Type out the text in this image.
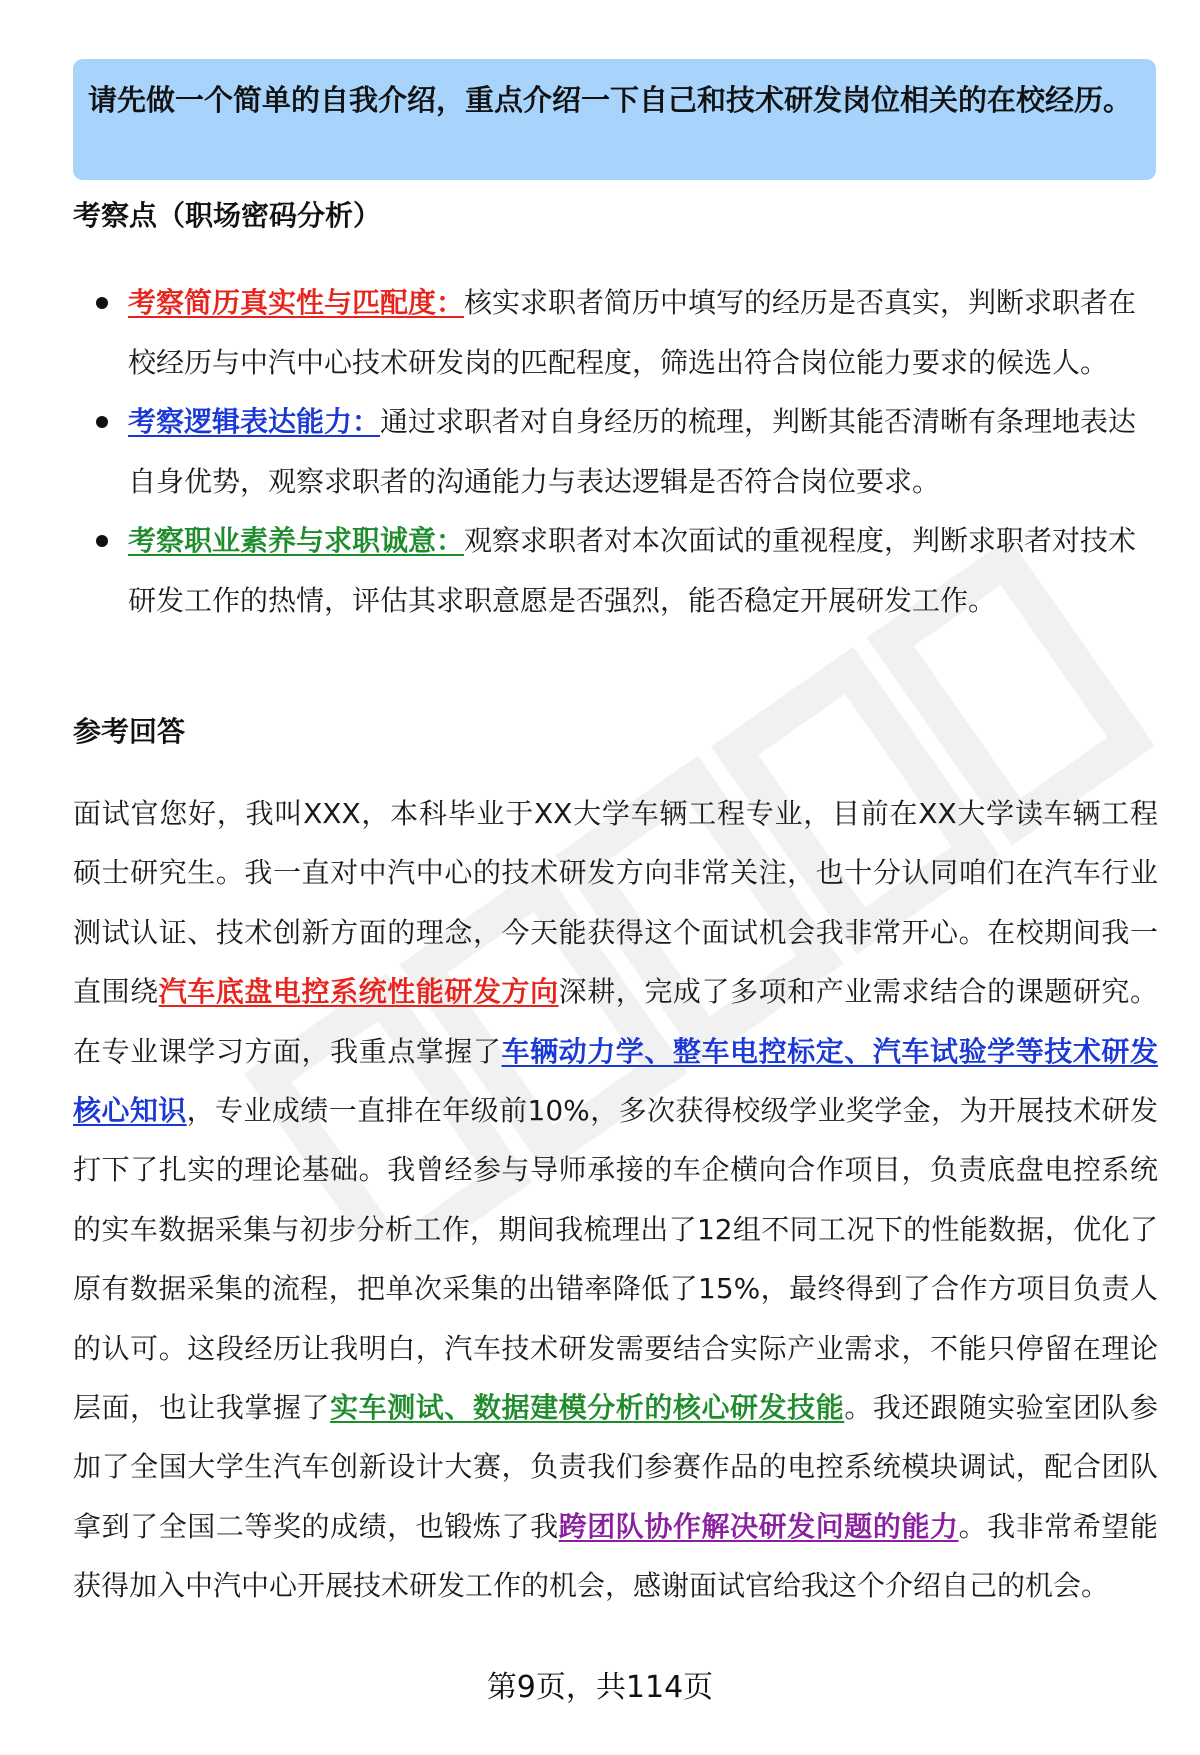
请先做一个简单的自我介绍，重点介绍一下自己和技术研发岗位相关的在校经历。

考察点（职场密码分析）
考察简历真实性与匹配度：核实求职者简历中填写的经历是否真实，判断求职者在校经历与中汽中心技术研发岗的匹配程度，筛选出符合岗位能力要求的候选人。
考察逻辑表达能力：通过求职者对自身经历的梳理，判断其能否清晰有条理地表达自身优势，观察求职者的沟通能力与表达逻辑是否符合岗位要求。
考察职业素养与求职诚意：观察求职者对本次面试的重视程度，判断求职者对技术研发工作的热情，评估其求职意愿是否强烈，能否稳定开展研发工作。
参考回答

面试官您好，我叫XXX，本科毕业于XX大学车辆工程专业，目前在XX大学读车辆工程硕士研究生。我一直对中汽中心的技术研发方向非常关注，也十分认同咱们在汽车行业测试认证、技术创新方面的理念，今天能获得这个面试机会我非常开心。在校期间我一直围绕汽车底盘电控系统性能研发方向深耕，完成了多项和产业需求结合的课题研究。在专业课学习方面，我重点掌握了车辆动力学、整车电控标定、汽车试验学等技术研发核心知识，专业成绩一直排在年级前10%，多次获得校级学业奖学金，为开展技术研发打下了扎实的理论基础。我曾经参与导师承接的车企横向合作项目，负责底盘电控系统的实车数据采集与初步分析工作，期间我梳理出了12组不同工况下的性能数据，优化了原有数据采集的流程，把单次采集的出错率降低了15%，最终得到了合作方项目负责人的认可。这段经历让我明白，汽车技术研发需要结合实际产业需求，不能只停留在理论层面，也让我掌握了实车测试、数据建模分析的核心研发技能。我还跟随实验室团队参加了全国大学生汽车创新设计大赛，负责我们参赛作品的电控系统模块调试，配合团队拿到了全国二等奖的成绩，也锻炼了我跨团队协作解决研发问题的能力。我非常希望能获得加入中汽中心开展技术研发工作的机会，感谢面试官给我这个介绍自己的机会。

第9页，共114页
